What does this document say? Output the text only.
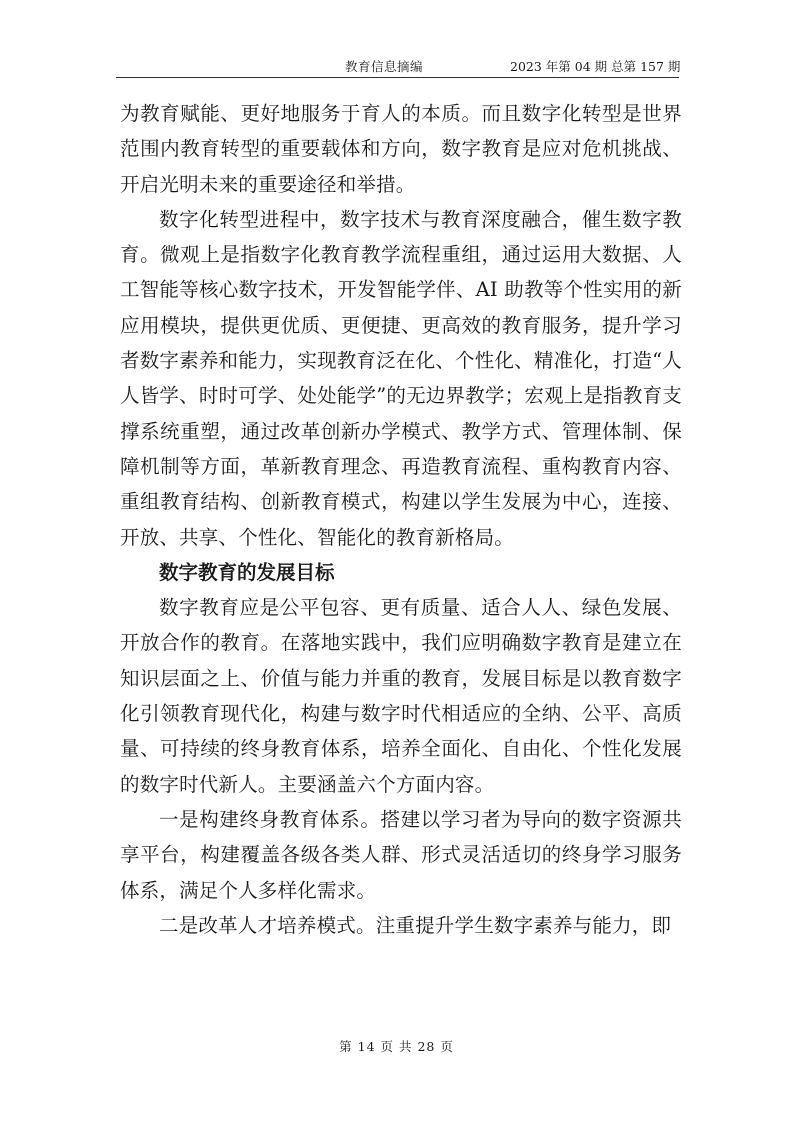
教育信息摘编	2023 年第 04 期 总第 157 期

为教育赋能、更好地服务于育人的本质。而且数字化转型是世界范围内教育转型的重要载体和方向，数字教育是应对危机挑战、开启光明未来的重要途径和举措。

数字化转型进程中，数字技术与教育深度融合，催生数字教育。微观上是指数字化教育教学流程重组，通过运用大数据、人工智能等核心数字技术，开发智能学伴、AI 助教等个性实用的新应用模块，提供更优质、更便捷、更高效的教育服务，提升学习者数字素养和能力，实现教育泛在化、个性化、精准化，打造“人人皆学、时时可学、处处能学”的无边界教学；宏观上是指教育支撑系统重塑，通过改革创新办学模式、教学方式、管理体制、保障机制等方面，革新教育理念、再造教育流程、重构教育内容、重组教育结构、创新教育模式，构建以学生发展为中心，连接、开放、共享、个性化、智能化的教育新格局。

数字教育的发展目标

数字教育应是公平包容、更有质量、适合人人、绿色发展、开放合作的教育。在落地实践中，我们应明确数字教育是建立在知识层面之上、价值与能力并重的教育，发展目标是以教育数字化引领教育现代化，构建与数字时代相适应的全纳、公平、高质量、可持续的终身教育体系，培养全面化、自由化、个性化发展的数字时代新人。主要涵盖六个方面内容。

一是构建终身教育体系。搭建以学习者为导向的数字资源共享平台，构建覆盖各级各类人群、形式灵活适切的终身学习服务体系，满足个人多样化需求。

二是改革人才培养模式。注重提升学生数字素养与能力，即

第 14 页 共 28 页
